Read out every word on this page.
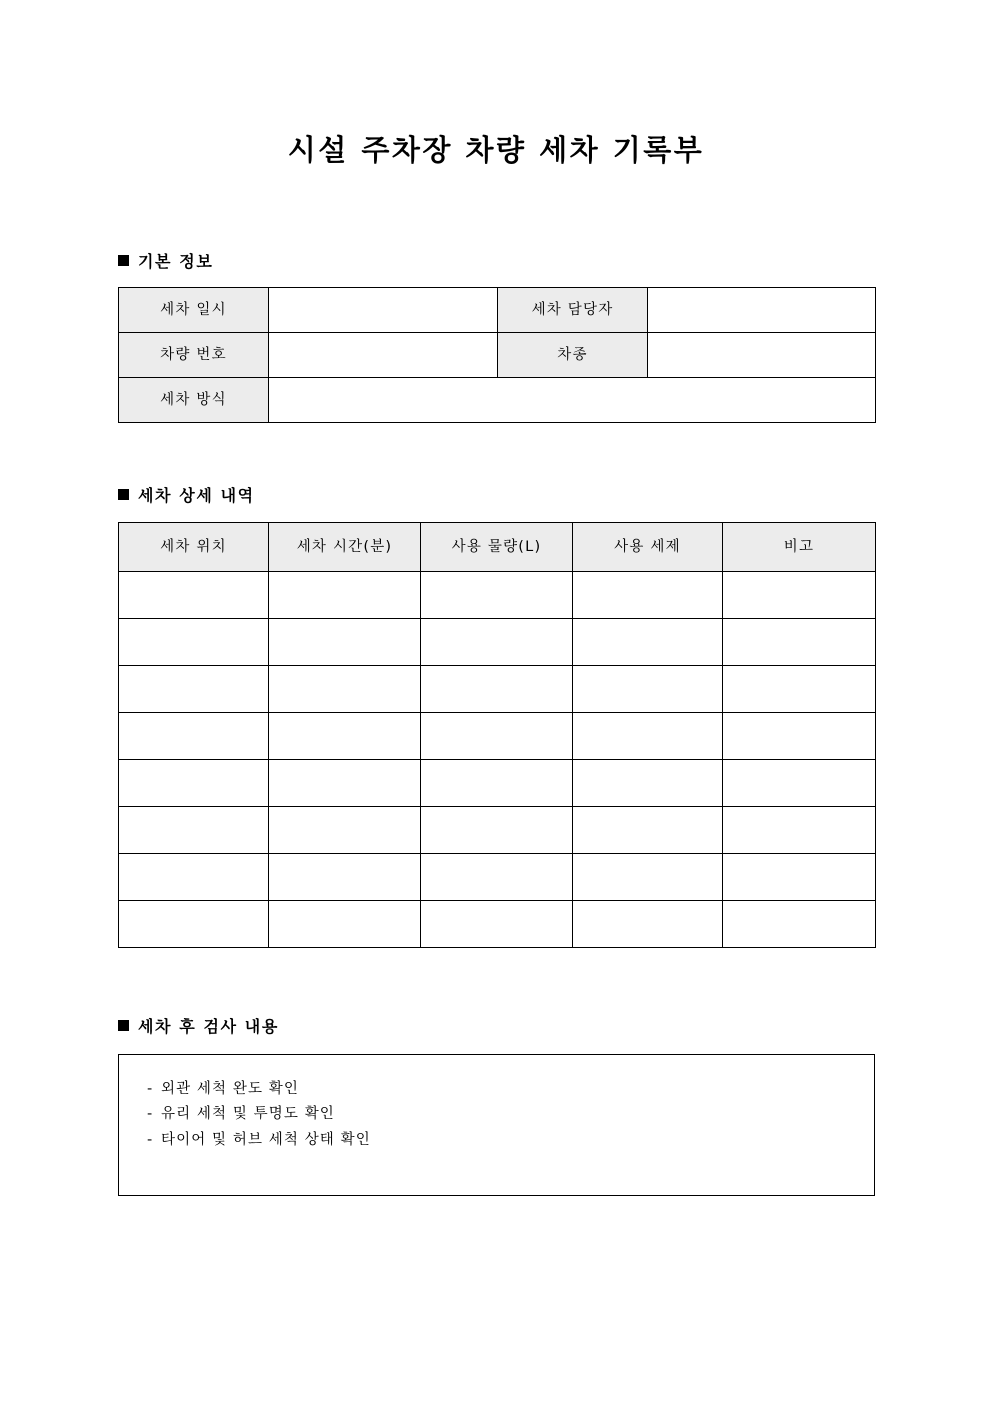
시설 주차장 차량 세차 기록부
기본 정보
세차 일시		세차 담당자	
차량 번호		차종	
세차 방식			
세차 상세 내역
세차 위치	세차 시간(분)	사용 물량(L)	사용 세제	비고

세차 후 검사 내용
- 외관 세척 완도 확인
- 유리 세척 및 투명도 확인
- 타이어 및 허브 세척 상태 확인
